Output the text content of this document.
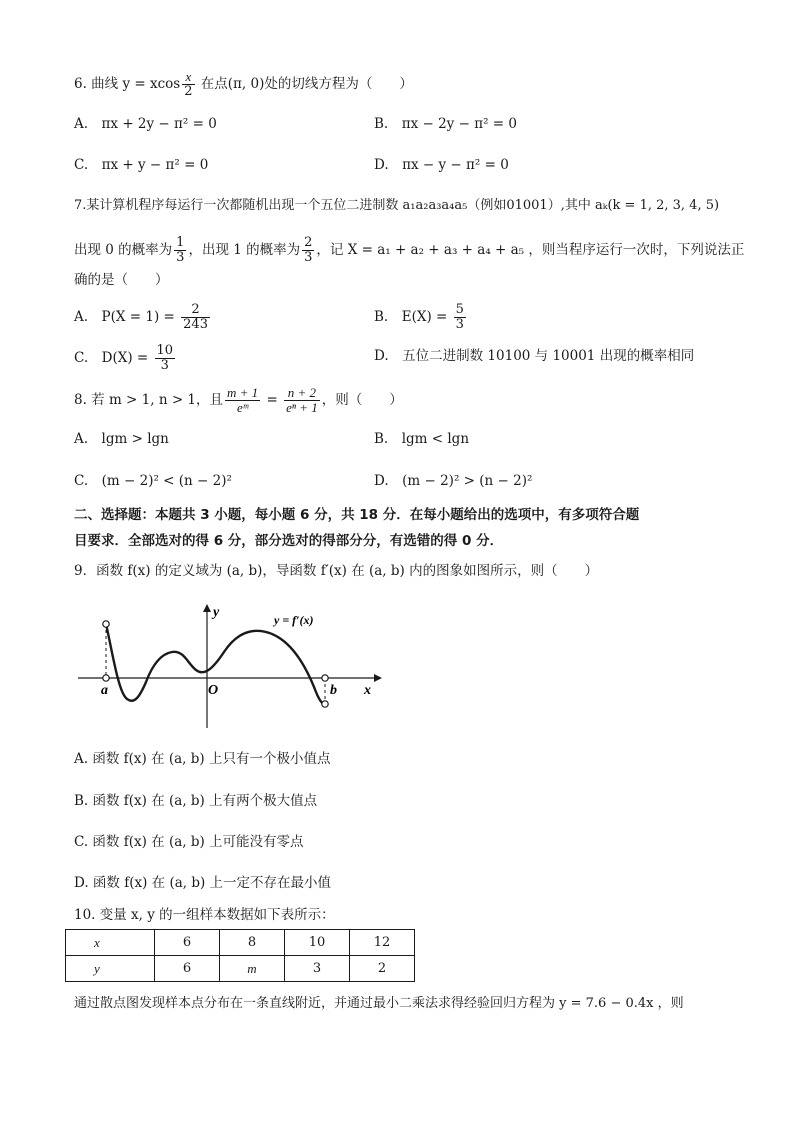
6. 曲线 y = xcos $\frac{x}{2}$ 在点(π, 0)处的切线方程为（　　）
A.　πx + 2y − π² = 0	B.　πx − 2y − π² = 0
C.　πx + y − π² = 0	D.　πx − y − π² = 0
7.某计算机程序每运行一次都随机出现一个五位二进制数 a₁a₂a₃a₄a₅（例如01001）,其中 aₖ(k = 1, 2, 3, 4, 5)
出现 0 的概率为 $\frac{1}{3}$ ，出现 1 的概率为 $\frac{2}{3}$ ，记 X = a₁ + a₂ + a₃ + a₄ + a₅ ，则当程序运行一次时，下列说法正
确的是（　　）
A.　$P(X = 1) = \frac{2}{243}$	B.　$E(X) = \frac{5}{3}$
C.　$D(X) = \frac{10}{3}$	D.　五位二进制数 10100 与 10001 出现的概率相同
8. 若 m > 1, n > 1，且 $\frac{m + 1}{\text{eᵐ}} = \frac{n + 2}{\text{eⁿ + 1}}$ ，则（　　）
A.　lgm > lgn	B.　lgm < lgn
C.　(m − 2)² < (n − 2)²	D.　(m − 2)² > (n − 2)²
二、选择题：本题共 3 小题，每小题 6 分，共 18 分．在每小题给出的选项中，有多项符合题
目要求．全部选对的得 6 分，部分选对的得部分分，有选错的得 0 分．
9．函数 f(x) 的定义域为 (a, b)，导函数 f′(x) 在 (a, b) 内的图象如图所示，则（　　）
y
x
y = f′(x)
a	O	b
A. 函数 f(x) 在 (a, b) 上只有一个极小值点
B. 函数 f(x) 在 (a, b) 上有两个极大值点
C. 函数 f(x) 在 (a, b) 上可能没有零点
D. 函数 f(x) 在 (a, b) 上一定不存在最小值
10. 变量 x, y 的一组样本数据如下表所示：
x	6	8	10	12
y	6	m	3	2
通过散点图发现样本点分布在一条直线附近，并通过最小二乘法求得经验回归方程为 y = 7.6 − 0.4x ，则
